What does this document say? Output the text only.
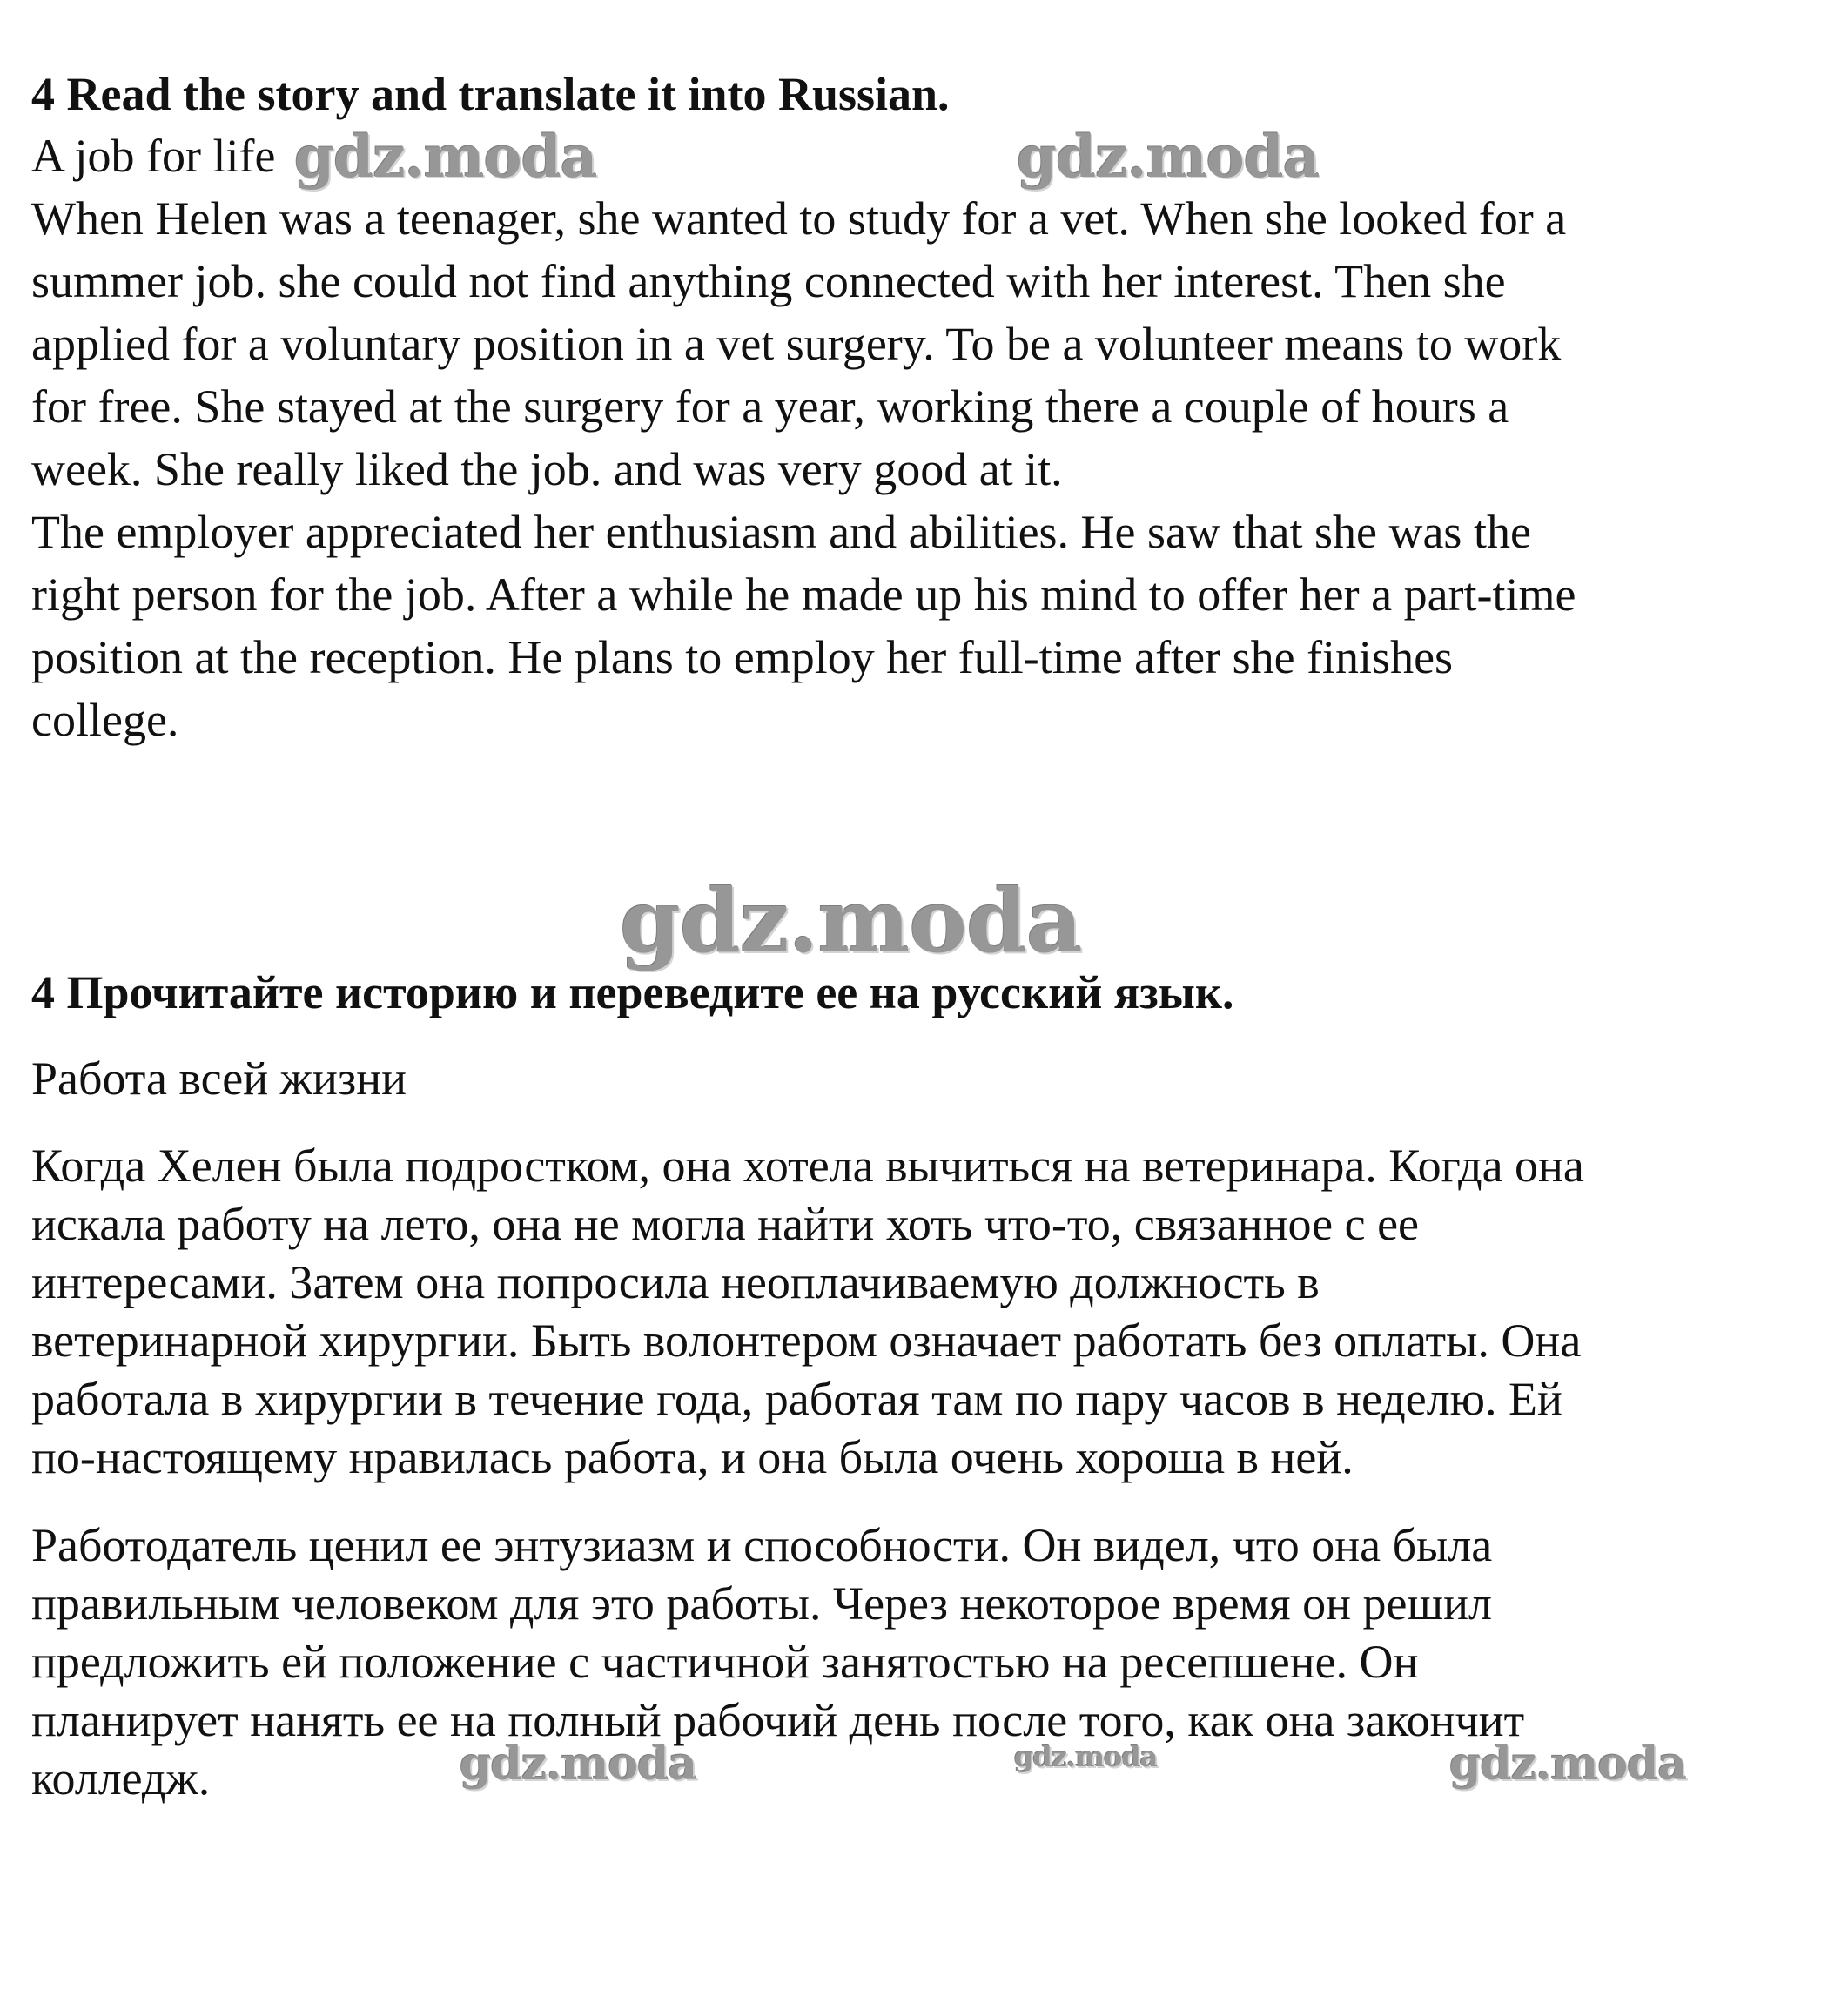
4 Read the story and translate it into Russian.
A job for life
When Helen was a teenager, she wanted to study for a vet. When she looked for a
summer job. she could not find anything connected with her interest. Then she
applied for a voluntary position in a vet surgery. To be a volunteer means to work
for free. She stayed at the surgery for a year, working there a couple of hours a
week. She really liked the job. and was very good at it.
The employer appreciated her enthusiasm and abilities. He saw that she was the
right person for the job. After a while he made up his mind to offer her a part-time
position at the reception. He plans to employ her full-time after she finishes
college.
4 Прочитайте историю и переведите ее на русский язык.
Работа всей жизни
Когда Хелен была подростком, она хотела вычиться на ветеринара. Когда она
искала работу на лето, она не могла найти хоть что-то, связанное с ее
интересами. Затем она попросила неоплачиваемую должность в
ветеринарной хирургии. Быть волонтером означает работать без оплаты. Она
работала в хирургии в течение года, работая там по пару часов в неделю. Ей
по-настоящему нравилась работа, и она была очень хороша в ней.
Работодатель ценил ее энтузиазм и способности. Он видел, что она была
правильным человеком для это работы. Через некоторое время он решил
предложить ей положение с частичной занятостью на ресепшене. Он
планирует нанять ее на полный рабочий день после того, как она закончит
колледж.
gdz.moda	gdz.moda
gdz.moda
gdz.moda	gdz.moda	gdz.moda
